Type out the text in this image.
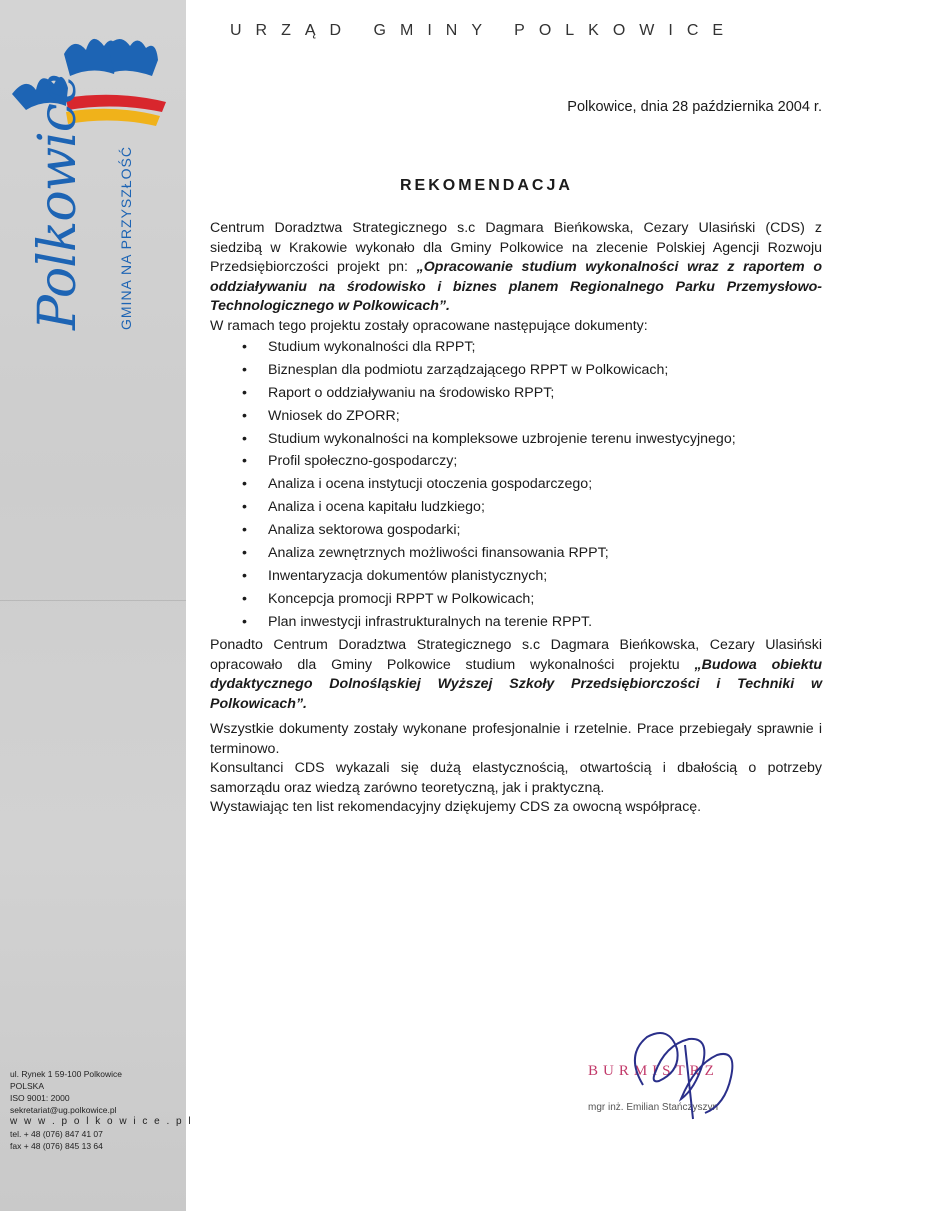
Polkowice GMINA NA PRZYSZŁOŚĆ
ul. Rynek 1 59-100 Polkowice
POLSKA
ISO 9001: 2000
sekretariat@ug.polkowice.pl
w w w . p o l k o w i c e . p l
tel. + 48 (076) 847 41 07
fax + 48 (076) 845 13 64
URZĄD GMINY POLKOWICE
Polkowice, dnia 28 października 2004 r.
REKOMENDACJA

Centrum Doradztwa Strategicznego s.c Dagmara Bieńkowska, Cezary Ulasiński (CDS) z siedzibą w Krakowie wykonało dla Gminy Polkowice na zlecenie Polskiej Agencji Rozwoju Przedsiębiorczości projekt pn: „Opracowanie studium wykonalności wraz z raportem o oddziaływaniu na środowisko i biznes planem Regionalnego Parku Przemysłowo-Technologicznego w Polkowicach”.

W ramach tego projektu zostały opracowane następujące dokumenty:

• Studium wykonalności dla RPPT;
• Biznesplan dla podmiotu zarządzającego RPPT w Polkowicach;
• Raport o oddziaływaniu na środowisko RPPT;
• Wniosek do ZPORR;
• Studium wykonalności na kompleksowe uzbrojenie terenu inwestycyjnego;
• Profil społeczno-gospodarczy;
• Analiza i ocena instytucji otoczenia gospodarczego;
• Analiza i ocena kapitału ludzkiego;
• Analiza sektorowa gospodarki;
• Analiza zewnętrznych możliwości finansowania RPPT;
• Inwentaryzacja dokumentów planistycznych;
• Koncepcja promocji RPPT w Polkowicach;
• Plan inwestycji infrastrukturalnych na terenie RPPT.

Ponadto Centrum Doradztwa Strategicznego s.c Dagmara Bieńkowska, Cezary Ulasiński opracowało dla Gminy Polkowice studium wykonalności projektu „Budowa obiektu dydaktycznego Dolnośląskiej Wyższej Szkoły Przedsiębiorczości i Techniki w Polkowicach”.

Wszystkie dokumenty zostały wykonane profesjonalnie i rzetelnie. Prace przebiegały sprawnie i terminowo.

Konsultanci CDS wykazali się dużą elastycznością, otwartością i dbałością o potrzeby samorządu oraz wiedzą zarówno teoretyczną, jak i praktyczną.

Wystawiając ten list rekomendacyjny dziękujemy CDS za owocną współpracę.

BURMISTRZ
mgr inż. Emilian Stańczyszyn
